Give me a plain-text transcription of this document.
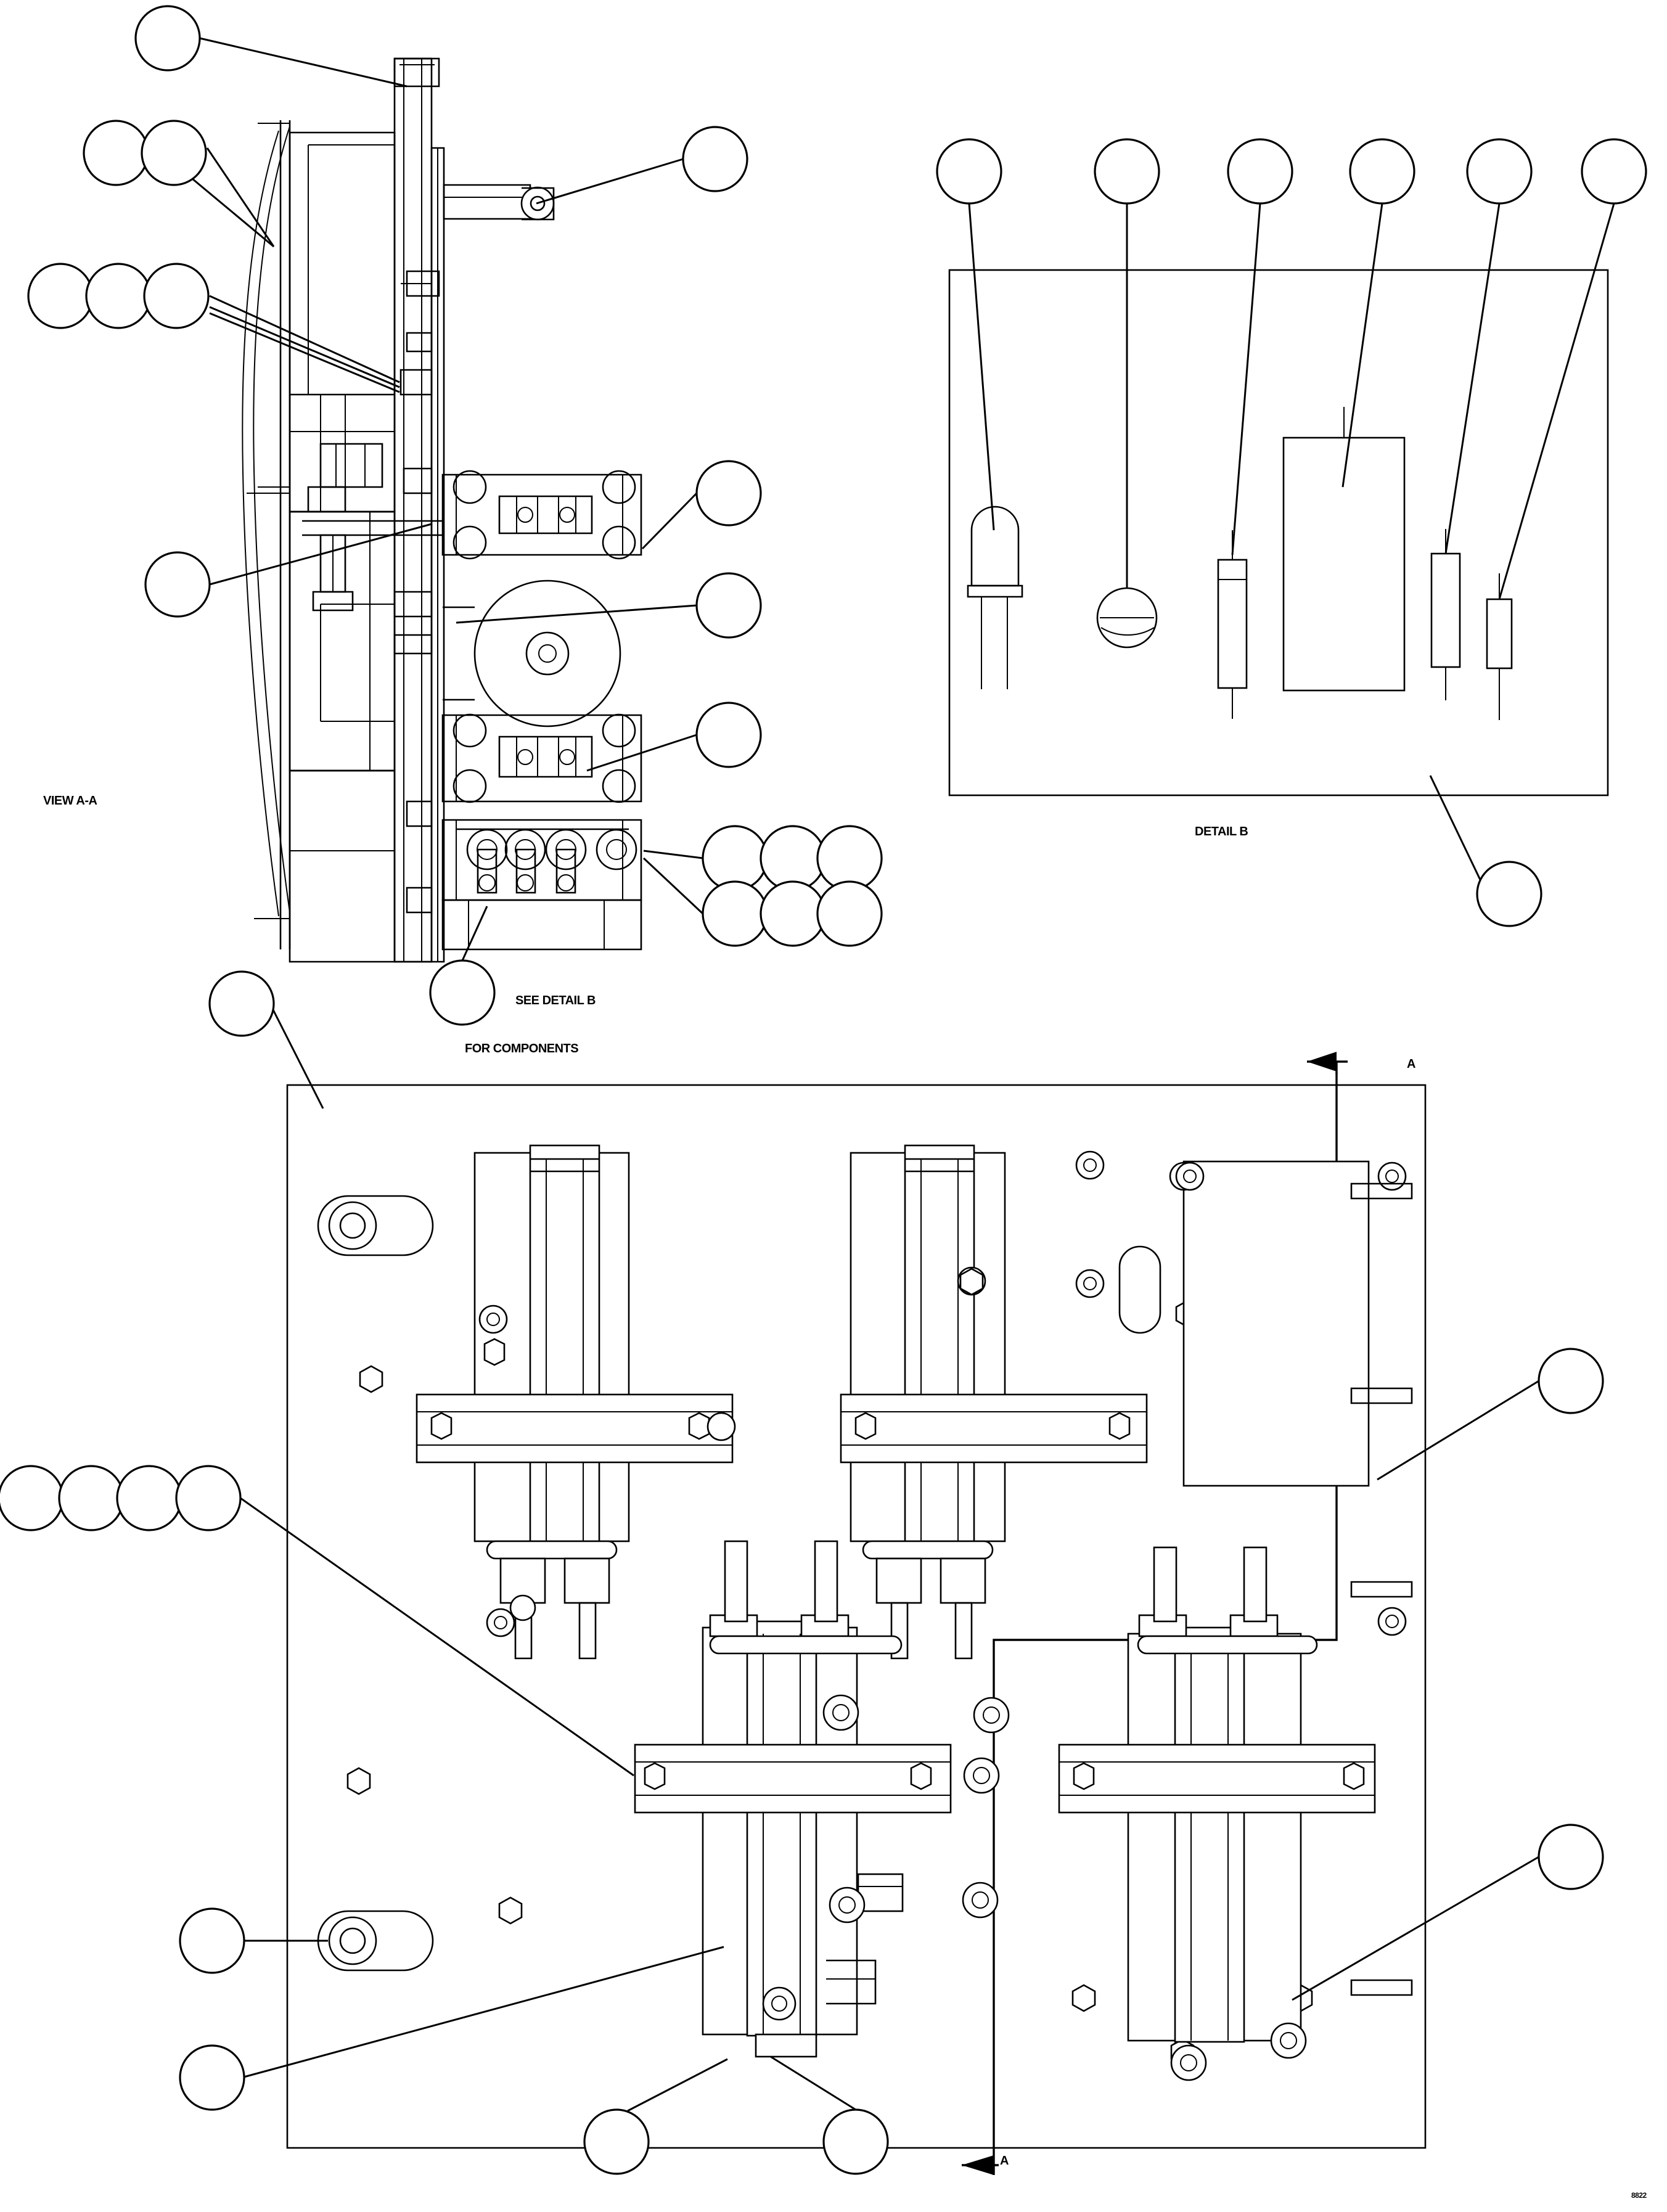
VIEW A-A
DETAIL B
SEE DETAIL B
FOR COMPONENTS
A
A
8822
